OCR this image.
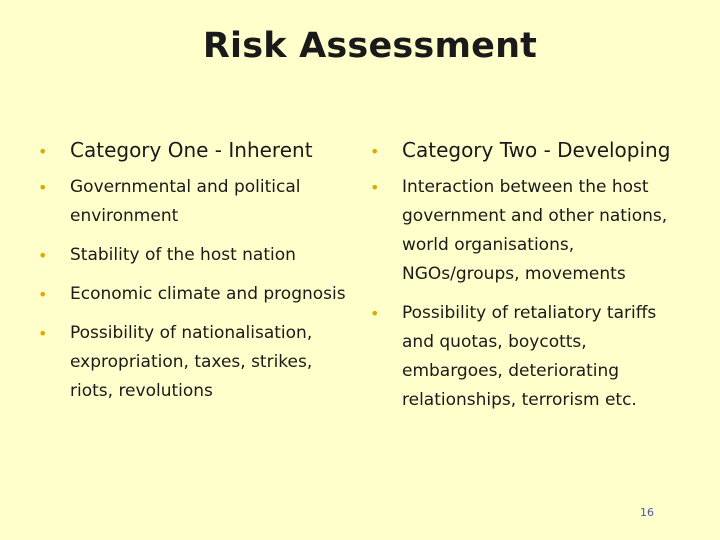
Risk Assessment
• Category One - Inherent
• Governmental and political environment
• Stability of the host nation
• Economic climate and prognosis
• Possibility of nationalisation, expropriation, taxes, strikes, riots, revolutions
• Category Two - Developing
• Interaction between the host government and other nations, world organisations, NGOs/groups, movements
• Possibility of retaliatory tariffs and quotas, boycotts, embargoes, deteriorating relationships, terrorism etc.
16
